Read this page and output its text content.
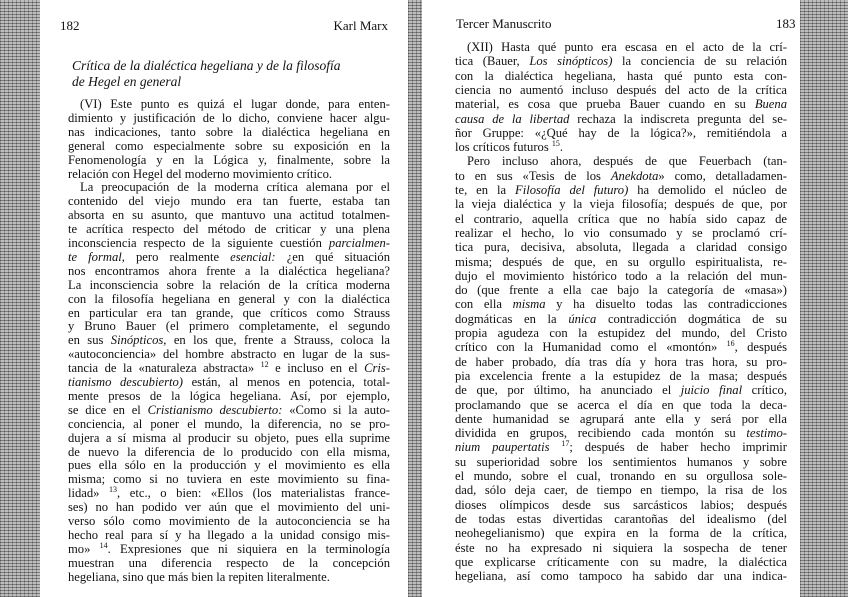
182	Karl Marx
Crítica de la dialéctica hegeliana y de la filosofía
de Hegel en general
(VI) Este punto es quizá el lugar donde, para enten-
dimiento y justificación de lo dicho, conviene hacer algu-
nas indicaciones, tanto sobre la dialéctica hegeliana en
general como especialmente sobre su exposición en la
Fenomenología y en la Lógica y, finalmente, sobre la
relación con Hegel del moderno movimiento crítico.
La preocupación de la moderna crítica alemana por el
contenido del viejo mundo era tan fuerte, estaba tan
absorta en su asunto, que mantuvo una actitud totalmen-
te acrítica respecto del método de criticar y una plena
inconsciencia respecto de la siguiente cuestión parcialmen-
te formal, pero realmente esencial: ¿en qué situación
nos encontramos ahora frente a la dialéctica hegeliana?
La inconsciencia sobre la relación de la crítica moderna
con la filosofía hegeliana en general y con la dialéctica
en particular era tan grande, que críticos como Strauss
y Bruno Bauer (el primero completamente, el segundo
en sus Sinópticos, en los que, frente a Strauss, coloca la
«autoconciencia» del hombre abstracto en lugar de la sus-
tancia de la «naturaleza abstracta» $^{12}$ e incluso en el Cris-
tianismo descubierto) están, al menos en potencia, total-
mente presos de la lógica hegeliana. Así, por ejemplo,
se dice en el Cristianismo descubierto: «Como si la auto-
conciencia, al poner el mundo, la diferencia, no se pro-
dujera a sí misma al producir su objeto, pues ella suprime
de nuevo la diferencia de lo producido con ella misma,
pues ella sólo en la producción y el movimiento es ella
misma; como si no tuviera en este movimiento su fina-
lidad» $^{13}$, etc., o bien: «Ellos (los materialistas france-
ses) no han podido ver aún que el movimiento del uni-
verso sólo como movimiento de la autoconciencia se ha
hecho real para sí y ha llegado a la unidad consigo mis-
mo» $^{14}$. Expresiones que ni siquiera en la terminología
muestran una diferencia respecto de la concepción
hegeliana, sino que más bien la repiten literalmente.
Tercer Manuscrito	183
(XII) Hasta qué punto era escasa en el acto de la crí-
tica (Bauer, Los sinópticos) la conciencia de su relación
con la dialéctica hegeliana, hasta qué punto esta con-
ciencia no aumentó incluso después del acto de la crítica
material, es cosa que prueba Bauer cuando en su Buena
causa de la libertad rechaza la indiscreta pregunta del se-
ñor Gruppe: «¿Qué hay de la lógica?», remitiéndola a
los críticos futuros $^{15}$.
Pero incluso ahora, después de que Feuerbach (tan-
to en sus «Tesis de los Anekdota» como, detalladamen-
te, en la Filosofía del futuro) ha demolido el núcleo de
la vieja dialéctica y la vieja filosofía; después de que, por
el contrario, aquella crítica que no había sido capaz de
realizar el hecho, lo vio consumado y se proclamó crí-
tica pura, decisiva, absoluta, llegada a claridad consigo
misma; después de que, en su orgullo espiritualista, re-
dujo el movimiento histórico todo a la relación del mun-
do (que frente a ella cae bajo la categoría de «masa»)
con ella misma y ha disuelto todas las contradicciones
dogmáticas en la única contradicción dogmática de su
propia agudeza con la estupidez del mundo, del Cristo
crítico con la Humanidad como el «montón» $^{16}$, después
de haber probado, día tras día y hora tras hora, su pro-
pia excelencia frente a la estupidez de la masa; después
de que, por último, ha anunciado el juicio final crítico,
proclamando que se acerca el día en que toda la deca-
dente humanidad se agrupará ante ella y será por ella
dividida en grupos, recibiendo cada montón su testimo-
nium paupertatis $^{17}$; después de haber hecho imprimir
su superioridad sobre los sentimientos humanos y sobre
el mundo, sobre el cual, tronando en su orgullosa sole-
dad, sólo deja caer, de tiempo en tiempo, la risa de los
dioses olímpicos desde sus sarcásticos labios; después
de todas estas divertidas carantoñas del idealismo (del
neohegelianismo) que expira en la forma de la crítica,
éste no ha expresado ni siquiera la sospecha de tener
que explicarse críticamente con su madre, la dialéctica
hegeliana, así como tampoco ha sabido dar una indica-
